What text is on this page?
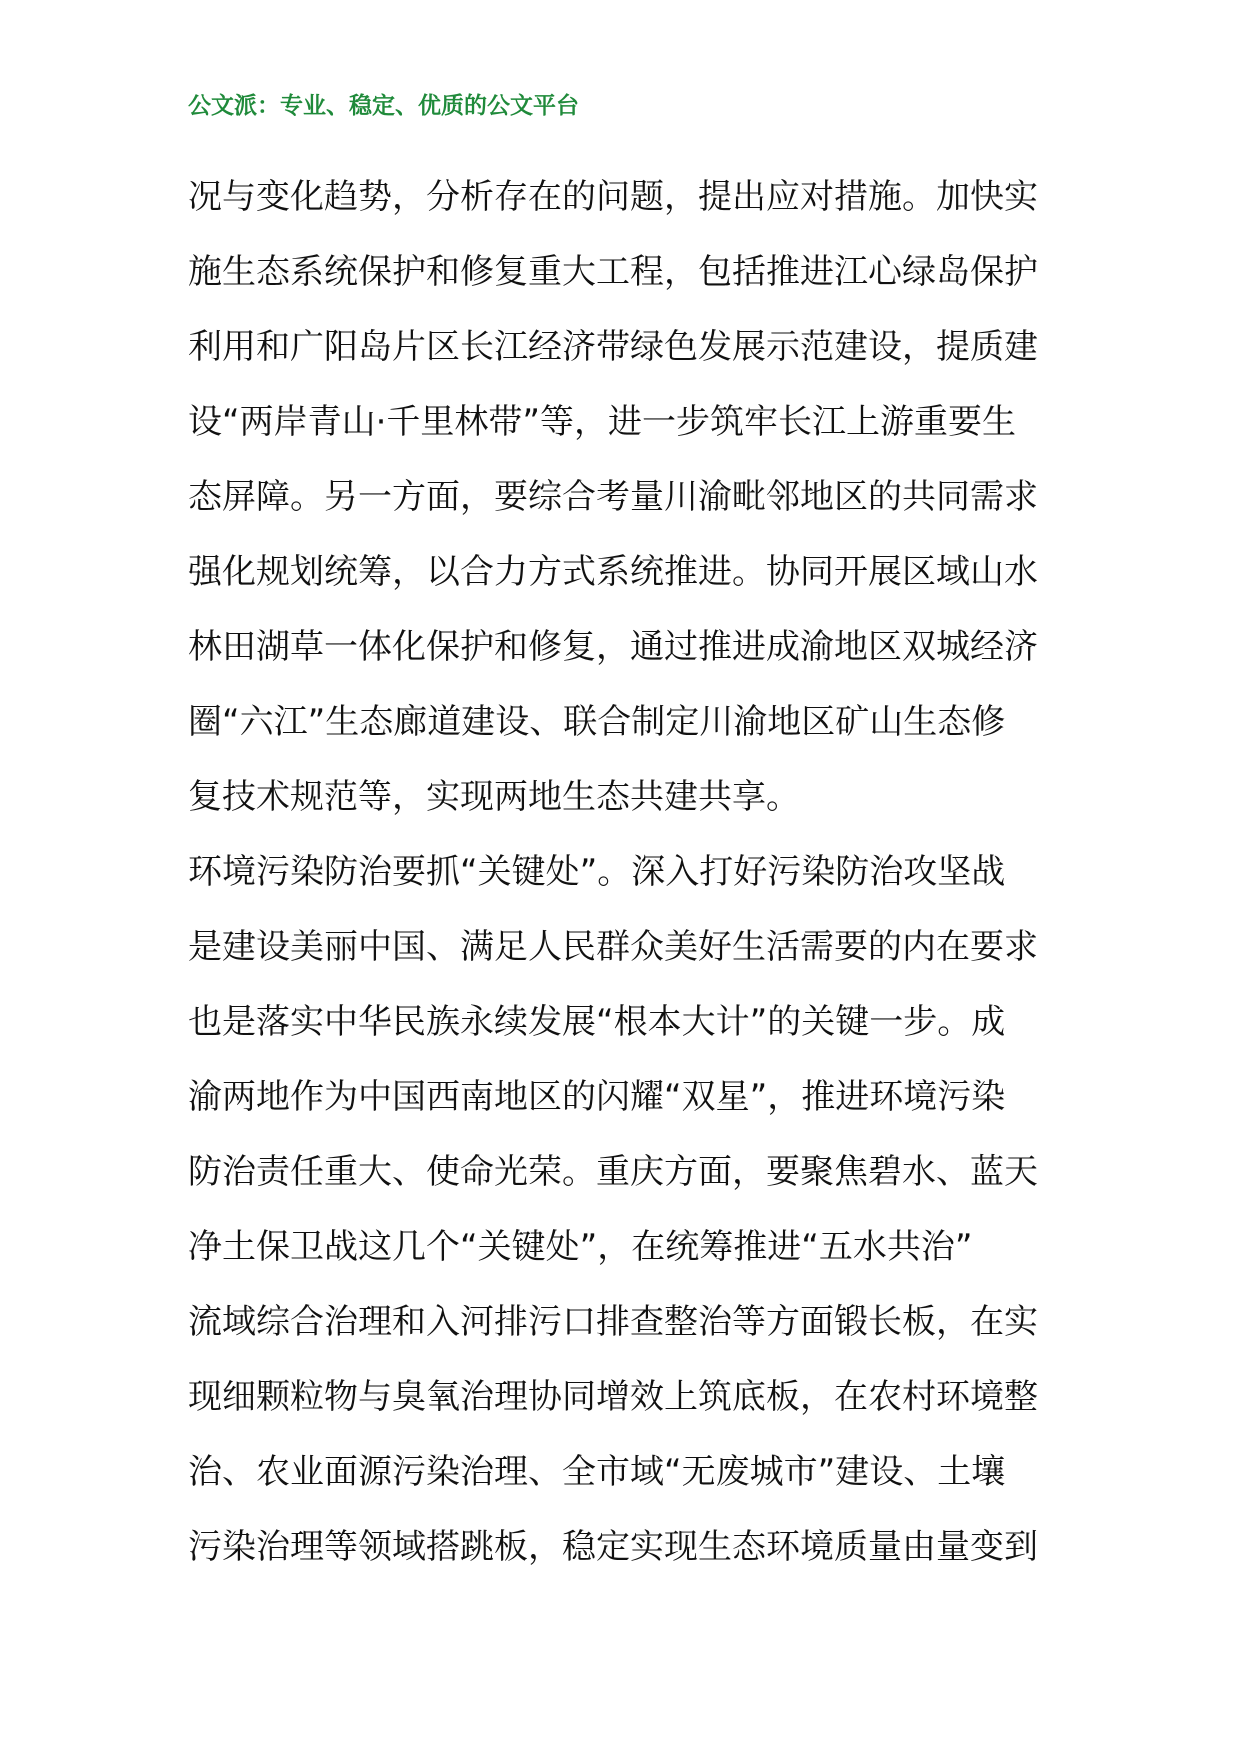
公文派：专业、稳定、优质的公文平台
况与变化趋势，分析存在的问题，提出应对措施。加快实
施生态系统保护和修复重大工程，包括推进江心绿岛保护
利用和广阳岛片区长江经济带绿色发展示范建设，提质建
设“两岸青山·千里林带”等，进一步筑牢长江上游重要生
态屏障。另一方面，要综合考量川渝毗邻地区的共同需求
强化规划统筹，以合力方式系统推进。协同开展区域山水
林田湖草一体化保护和修复，通过推进成渝地区双城经济
圈“六江”生态廊道建设、联合制定川渝地区矿山生态修
复技术规范等，实现两地生态共建共享。
环境污染防治要抓“关键处”。深入打好污染防治攻坚战
是建设美丽中国、满足人民群众美好生活需要的内在要求
也是落实中华民族永续发展“根本大计”的关键一步。成
渝两地作为中国西南地区的闪耀“双星”，推进环境污染
防治责任重大、使命光荣。重庆方面，要聚焦碧水、蓝天
净土保卫战这几个“关键处”，在统筹推进“五水共治”
流域综合治理和入河排污口排查整治等方面锻长板，在实
现细颗粒物与臭氧治理协同增效上筑底板，在农村环境整
治、农业面源污染治理、全市域“无废城市”建设、土壤
污染治理等领域搭跳板，稳定实现生态环境质量由量变到
